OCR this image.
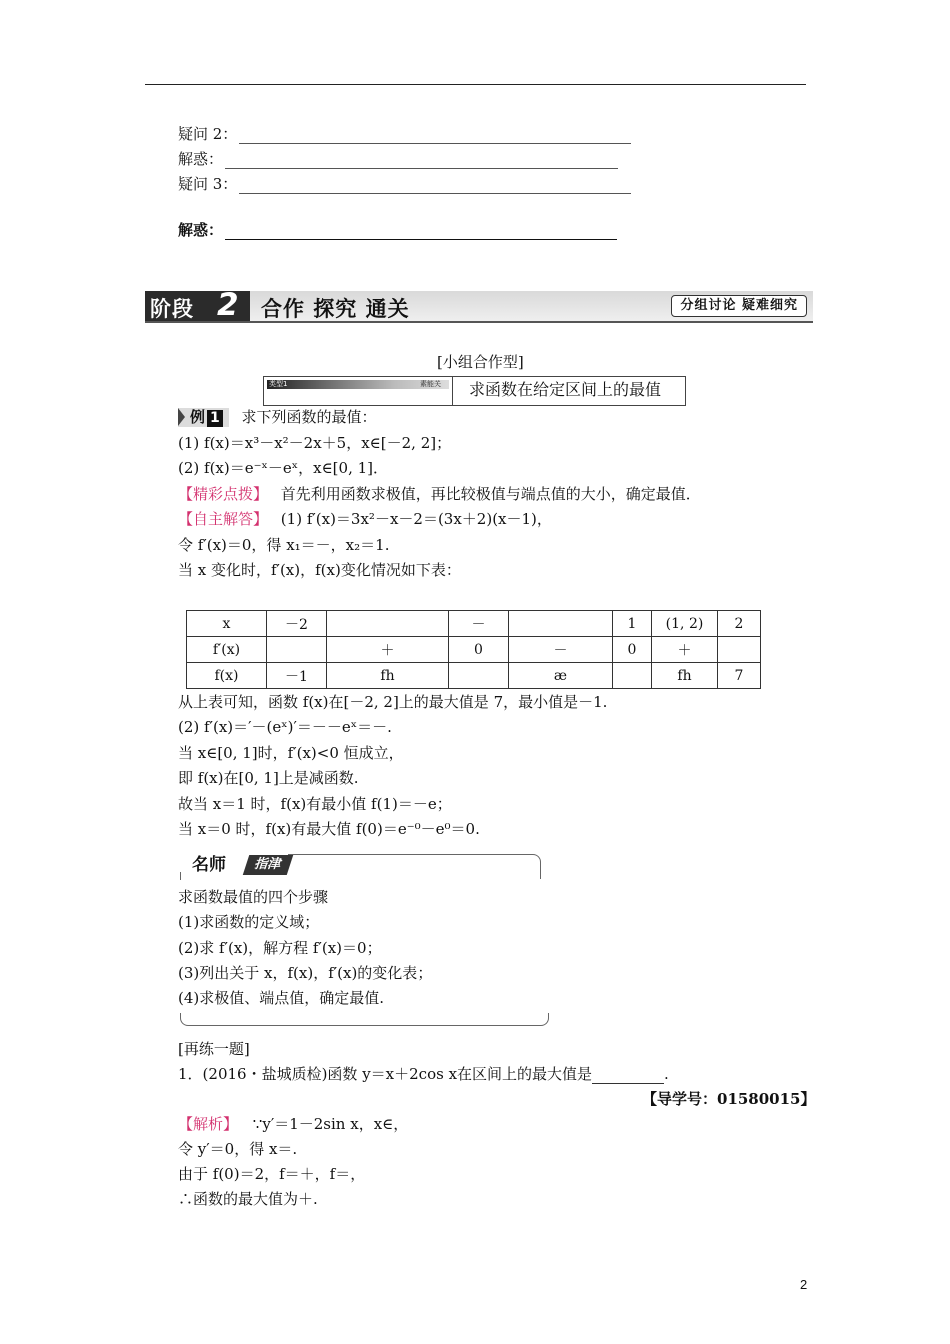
疑问 2：
解惑：
疑问 3：
解惑：
阶段 2 合作 探究 通关	分组讨论 疑难细究
[小组合作型]
类型1	素能关 求函数在给定区间上的最值
例 1 求下列函数的最值：
(1) f(x)＝x³－x²－2x＋5，x∈[－2, 2]；
(2) f(x)＝e⁻ˣ－eˣ，x∈[0, 1]．
【精彩点拨】 首先利用函数求极值，再比较极值与端点值的大小，确定最值．
【自主解答】 (1) f′(x)＝3x²－x－2＝(3x＋2)(x－1)，
令 f′(x)＝0，得 x₁＝－，x₂＝1.
当 x 变化时，f′(x)，f(x)变化情况如下表：
x	－2		－		1	(1, 2)	2
f′(x)		＋	0	－	0	＋	
f(x)	－1	fh		æ		fh	7
从上表可知，函数 f(x)在[－2, 2]上的最大值是 7，最小值是－1.
(2) f′(x)＝′－(eˣ)′＝－－eˣ＝－.
当 x∈[0, 1]时，f′(x)<0 恒成立，
即 f(x)在[0, 1]上是减函数.
故当 x＝1 时，f(x)有最小值 f(1)＝－e；
当 x＝0 时，f(x)有最大值 f(0)＝e⁻⁰－e⁰＝0.
名师	指津
求函数最值的四个步骤
(1)求函数的定义域；
(2)求 f′(x)，解方程 f′(x)＝0；
(3)列出关于 x，f(x)，f′(x)的变化表；
(4)求极值、端点值，确定最值.
[再练一题]
1．(2016・盐城质检)函数 y＝x＋2cos x在区间上的最大值是	.
【导学号：01580015】
【解析】 ∵y′＝1－2sin x，x∈，
令 y′＝0，得 x＝.
由于 f(0)＝2，f＝＋，f＝，
∴函数的最大值为＋.
2
